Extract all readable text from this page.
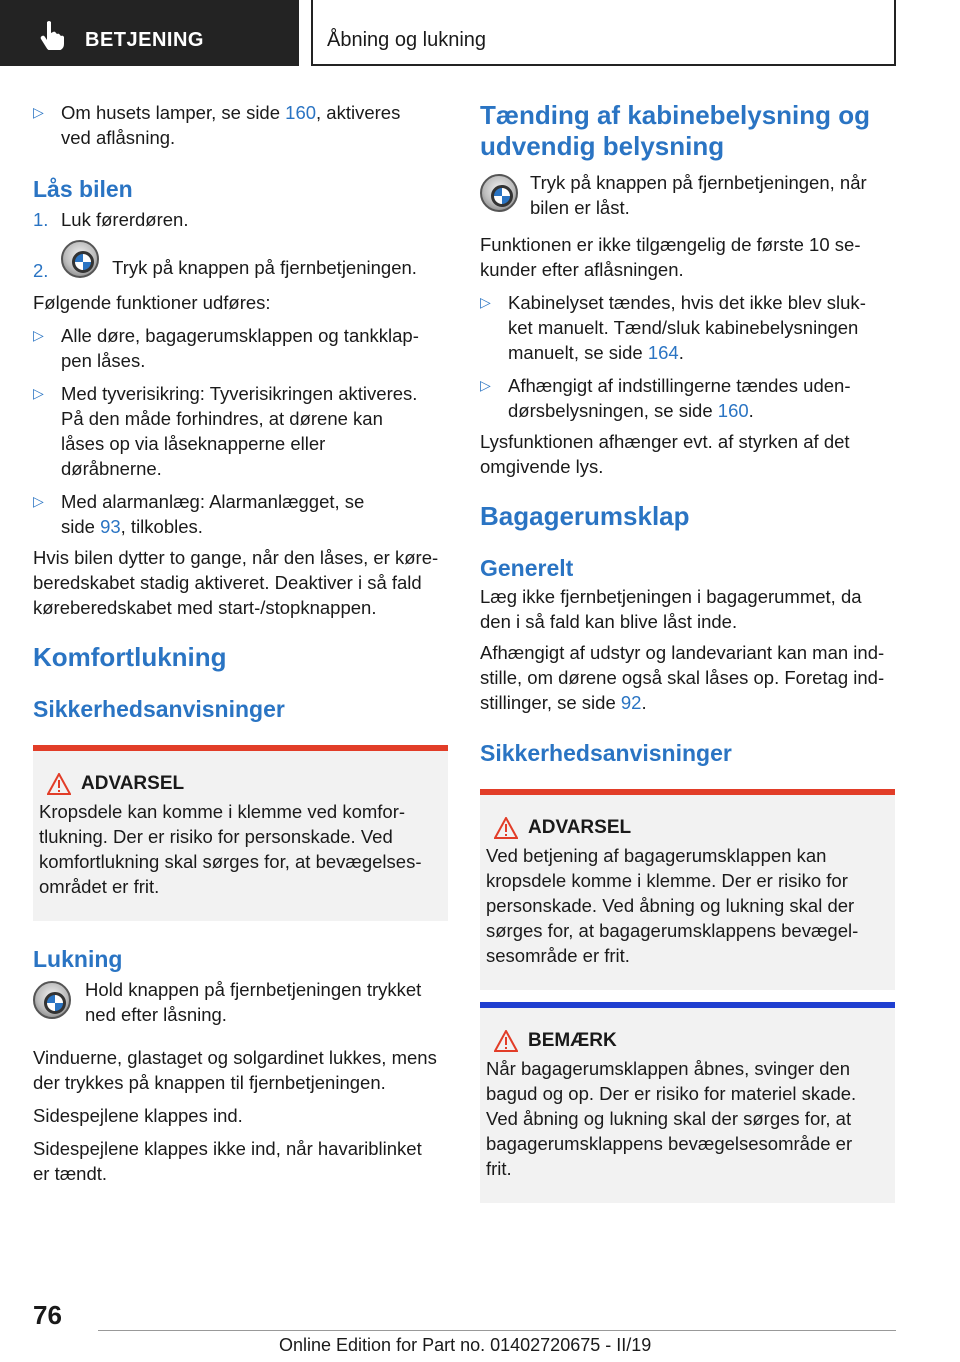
BETJENING	Åbning og lukning
▷ Om husets lamper, se side 160, aktiveres ved aflåsning.
Lås bilen
1. Luk førerdøren.
2.	Tryk på knappen på fjernbetjeningen.

Følgende funktioner udføres:

▷ Alle døre, bagagerumsklappen og tankklappen låses.
▷ Med tyverisikring: Tyverisikringen aktiveres. På den måde forhindres, at dørene kan låses op via låseknapperne eller døråbnerne.
▷ Med alarmanlæg: Alarmanlægget, se side 93, tilkobles.

Hvis bilen dytter to gange, når den låses, er køreberedskabet stadig aktiveret. Deaktiver i så fald køreberedskabet med start-/stopknappen.

Komfortlukning
Sikkerhedsanvisninger
ADVARSEL

Kropsdele kan komme i klemme ved komfortlukning. Der er risiko for personskade. Ved komfortlukning skal sørges for, at bevægelsesområdet er frit.

Lukning

Hold knappen på fjernbetjeningen trykket ned efter låsning.

Vinduerne, glastaget og solgardinet lukkes, mens der trykkes på knappen til fjernbetjeningen.

Sidespejlene klappes ind.

Sidespejlene klappes ikke ind, når havariblinket er tændt.

Tænding af kabinebelysning og udvendig belysning

Tryk på knappen på fjernbetjeningen, når bilen er låst.

Funktionen er ikke tilgængelig de første 10 sekunder efter aflåsningen.

▷ Kabinelyset tændes, hvis det ikke blev slukket manuelt. Tænd/sluk kabinebelysningen manuelt, se side 164.
▷ Afhængigt af indstillingerne tændes udendørsbelysningen, se side 160.

Lysfunktionen afhænger evt. af styrken af det omgivende lys.

Bagagerumsklap
Generelt

Læg ikke fjernbetjeningen i bagagerummet, da den i så fald kan blive låst inde.

Afhængigt af udstyr og landevariant kan man indstille, om dørene også skal låses op. Foretag indstillinger, se side 92.

Sikkerhedsanvisninger
ADVARSEL

Ved betjening af bagagerumsklappen kan kropsdele komme i klemme. Der er risiko for personskade. Ved åbning og lukning skal der sørges for, at bagagerumsklappens bevægelsesområde er frit.

BEMÆRK

Når bagagerumsklappen åbnes, svinger den bagud og op. Der er risiko for materiel skade. Ved åbning og lukning skal der sørges for, at bagagerumsklappens bevægelsesområde er frit.

76
Online Edition for Part no. 01402720675 - II/19
